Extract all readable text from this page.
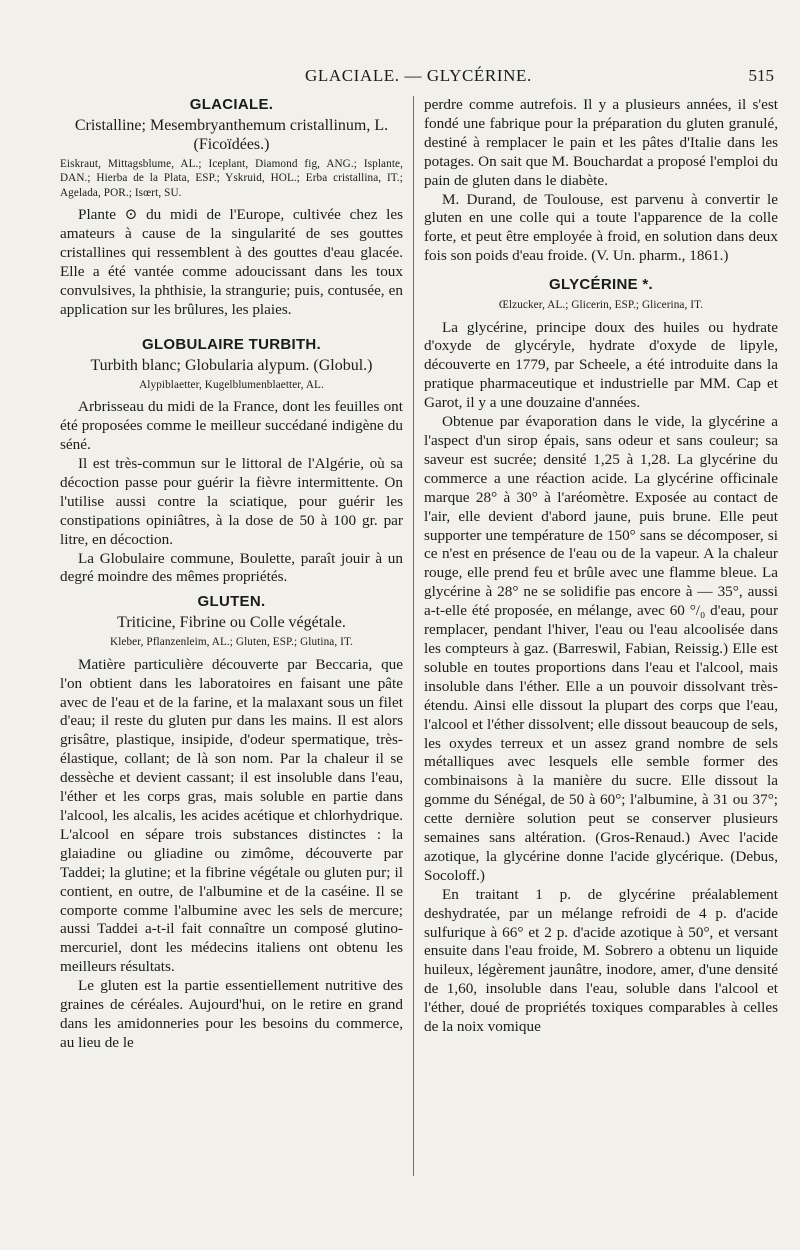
GLACIALE. — GLYCÉRINE.	515
GLACIALE.
Cristalline; Mesembryanthemum cristallinum, L. (Ficoïdées.)
Eiskraut, Mittagsblume, AL.; Iceplant, Diamond fig, ANG.; Isplante, DAN.; Hierba de la Plata, ESP.; Yskruid, HOL.; Erba cristallina, IT.; Agelada, POR.; Isœrt, SU.

Plante ⊙ du midi de l'Europe, cultivée chez les amateurs à cause de la singularité de ses gouttes cristallines qui ressemblent à des gouttes d'eau glacée. Elle a été vantée comme adoucissant dans les toux convulsives, la phthisie, la strangurie; puis, contusée, en application sur les brûlures, les plaies.

GLOBULAIRE TURBITH.
Turbith blanc; Globularia alypum. (Globul.)
Alypiblaetter, Kugelblumenblaetter, AL.

Arbrisseau du midi de la France, dont les feuilles ont été proposées comme le meilleur succédané indigène du séné.

Il est très-commun sur le littoral de l'Algérie, où sa décoction passe pour guérir la fièvre intermittente. On l'utilise aussi contre la sciatique, pour guérir les constipations opiniâtres, à la dose de 50 à 100 gr. par litre, en décoction.

La Globulaire commune, Boulette, paraît jouir à un degré moindre des mêmes propriétés.

GLUTEN.
Triticine, Fibrine ou Colle végétale.
Kleber, Pflanzenleim, AL.; Gluten, ESP.; Glutina, IT.

Matière particulière découverte par Beccaria, que l'on obtient dans les laboratoires en faisant une pâte avec de l'eau et de la farine, et la malaxant sous un filet d'eau; il reste du gluten pur dans les mains. Il est alors grisâtre, plastique, insipide, d'odeur spermatique, très-élastique, collant; de là son nom. Par la chaleur il se dessèche et devient cassant; il est insoluble dans l'eau, l'éther et les corps gras, mais soluble en partie dans l'alcool, les alcalis, les acides acétique et chlorhydrique. L'alcool en sépare trois substances distinctes : la glaiadine ou gliadine ou zimôme, découverte par Taddei; la glutine; et la fibrine végétale ou gluten pur; il contient, en outre, de l'albumine et de la caséine. Il se comporte comme l'albumine avec les sels de mercure; aussi Taddei a-t-il fait connaître un composé glutino-mercuriel, dont les médecins italiens ont obtenu les meilleurs résultats.

Le gluten est la partie essentiellement nutritive des graines de céréales. Aujourd'hui, on le retire en grand dans les amidonneries pour les besoins du commerce, au lieu de le

perdre comme autrefois. Il y a plusieurs années, il s'est fondé une fabrique pour la préparation du gluten granulé, destiné à remplacer le pain et les pâtes d'Italie dans les potages. On sait que M. Bouchardat a proposé l'emploi du pain de gluten dans le diabète.

M. Durand, de Toulouse, est parvenu à convertir le gluten en une colle qui a toute l'apparence de la colle forte, et peut être employée à froid, en solution dans deux fois son poids d'eau froide. (V. Un. pharm., 1861.)

GLYCÉRINE *.
Œlzucker, AL.; Glicerin, ESP.; Glicerina, IT.

La glycérine, principe doux des huiles ou hydrate d'oxyde de glycéryle, hydrate d'oxyde de lipyle, découverte en 1779, par Scheele, a été introduite dans la pratique pharmaceutique et industrielle par MM. Cap et Garot, il y a une douzaine d'années.

Obtenue par évaporation dans le vide, la glycérine a l'aspect d'un sirop épais, sans odeur et sans couleur; sa saveur est sucrée; densité 1,25 à 1,28. La glycérine du commerce a une réaction acide. La glycérine officinale marque 28° à 30° à l'aréomètre. Exposée au contact de l'air, elle devient d'abord jaune, puis brune. Elle peut supporter une température de 150° sans se décomposer, si ce n'est en présence de l'eau ou de la vapeur. A la chaleur rouge, elle prend feu et brûle avec une flamme bleue. La glycérine à 28° ne se solidifie pas encore à — 35°, aussi a-t-elle été proposée, en mélange, avec 60 °/₀ d'eau, pour remplacer, pendant l'hiver, l'eau ou l'eau alcoolisée dans les compteurs à gaz. (Barreswil, Fabian, Reissig.) Elle est soluble en toutes proportions dans l'eau et l'alcool, mais insoluble dans l'éther. Elle a un pouvoir dissolvant très-étendu. Ainsi elle dissout la plupart des corps que l'eau, l'alcool et l'éther dissolvent; elle dissout beaucoup de sels, les oxydes terreux et un assez grand nombre de sels métalliques avec lesquels elle semble former des combinaisons à la manière du sucre. Elle dissout la gomme du Sénégal, de 50 à 60°; l'albumine, à 31 ou 37°; cette dernière solution peut se conserver plusieurs semaines sans altération. (Gros-Renaud.) Avec l'acide azotique, la glycérine donne l'acide glycérique. (Debus, Socoloff.)

En traitant 1 p. de glycérine préalablement deshydratée, par un mélange refroidi de 4 p. d'acide sulfurique à 66° et 2 p. d'acide azotique à 50°, et versant ensuite dans l'eau froide, M. Sobrero a obtenu un liquide huileux, légèrement jaunâtre, inodore, amer, d'une densité de 1,60, insoluble dans l'eau, soluble dans l'alcool et l'éther, doué de propriétés toxiques comparables à celles de la noix vomique
